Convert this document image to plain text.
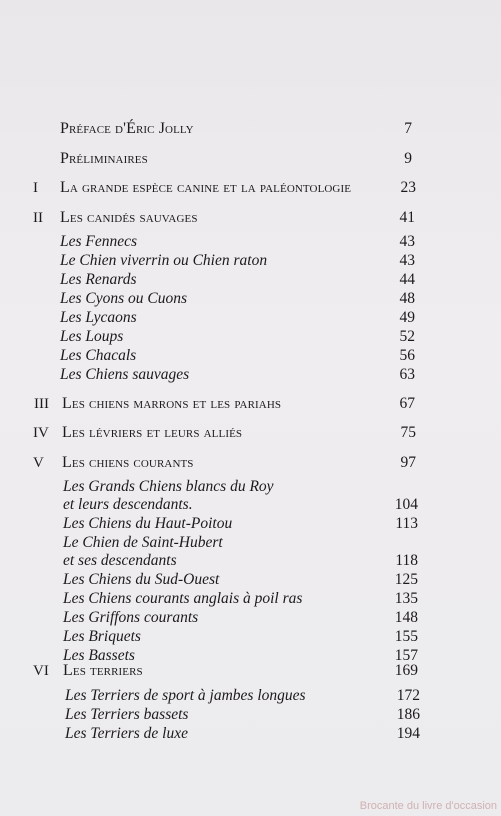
Préface d'Éric Jolly	7
Préliminaires	9
I	La grande espèce canine et la paléontologie	23
II	Les canidés sauvages	41
Les Fennecs	43
Le Chien viverrin ou Chien raton	43
Les Renards	44
Les Cyons ou Cuons	48
Les Lycaons	49
Les Loups	52
Les Chacals	56
Les Chiens sauvages	63
III Les chiens marrons et les pariahs	67
IV Les lévriers et leurs alliés	75
V	Les chiens courants	97
Les Grands Chiens blancs du Roy
et leurs descendants.	104
Les Chiens du Haut-Poitou	113
Le Chien de Saint-Hubert
et ses descendants	118
Les Chiens du Sud-Ouest	125
Les Chiens courants anglais à poil ras	135
Les Griffons courants	148
Les Briquets	155
Les Bassets	157
VI Les terriers	169
Les Terriers de sport à jambes longues	172
Les Terriers bassets	186
Les Terriers de luxe	194
Brocante du livre d'occasion
